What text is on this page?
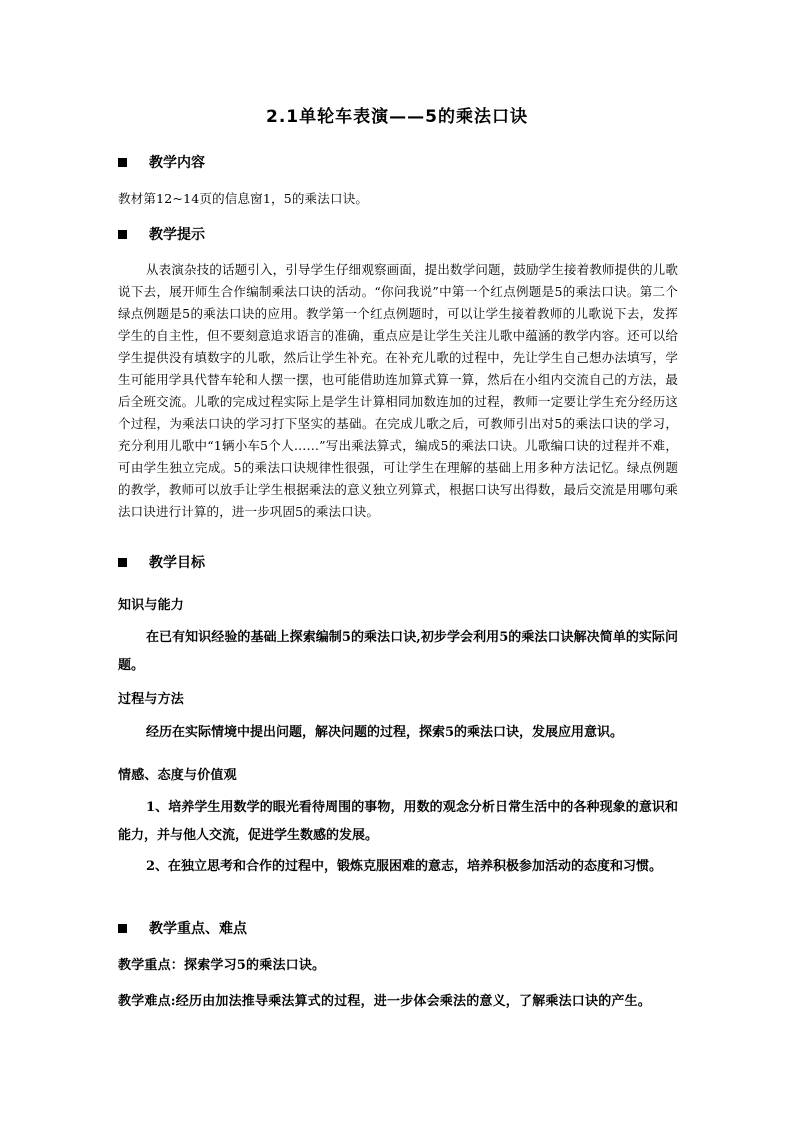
2.1单轮车表演——5的乘法口诀
教学内容
教材第12~14页的信息窗1，5的乘法口诀。
教学提示
从表演杂技的话题引入，引导学生仔细观察画面，提出数学问题，鼓励学生接着教师提供的儿歌说下去，展开师生合作编制乘法口诀的活动。“你问我说”中第一个红点例题是5的乘法口诀。第二个绿点例题是5的乘法口诀的应用。教学第一个红点例题时，可以让学生接着教师的儿歌说下去，发挥学生的自主性，但不要刻意追求语言的准确，重点应是让学生关注儿歌中蕴涵的教学内容。还可以给学生提供没有填数字的儿歌，然后让学生补充。在补充儿歌的过程中，先让学生自己想办法填写，学生可能用学具代替车轮和人摆一摆，也可能借助连加算式算一算，然后在小组内交流自己的方法，最后全班交流。儿歌的完成过程实际上是学生计算相同加数连加的过程，教师一定要让学生充分经历这个过程，为乘法口诀的学习打下坚实的基础。在完成儿歌之后，可教师引出对5的乘法口诀的学习，充分利用儿歌中“1辆小车5个人……”写出乘法算式，编成5的乘法口诀。儿歌编口诀的过程并不难，可由学生独立完成。5的乘法口诀规律性很强，可让学生在理解的基础上用多种方法记忆。绿点例题的教学，教师可以放手让学生根据乘法的意义独立列算式，根据口诀写出得数，最后交流是用哪句乘法口诀进行计算的，进一步巩固5的乘法口诀。
教学目标
知识与能力
在已有知识经验的基础上探索编制5的乘法口诀,初步学会利用5的乘法口诀解决简单的实际问题。
过程与方法
经历在实际情境中提出问题，解决问题的过程，探索5的乘法口诀，发展应用意识。
情感、态度与价值观
1、培养学生用数学的眼光看待周围的事物，用数的观念分析日常生活中的各种现象的意识和能力，并与他人交流，促进学生数感的发展。
2、在独立思考和合作的过程中，锻炼克服困难的意志，培养积极参加活动的态度和习惯。
教学重点、难点
教学重点：探索学习5的乘法口诀。
教学难点:经历由加法推导乘法算式的过程，进一步体会乘法的意义，了解乘法口诀的产生。
